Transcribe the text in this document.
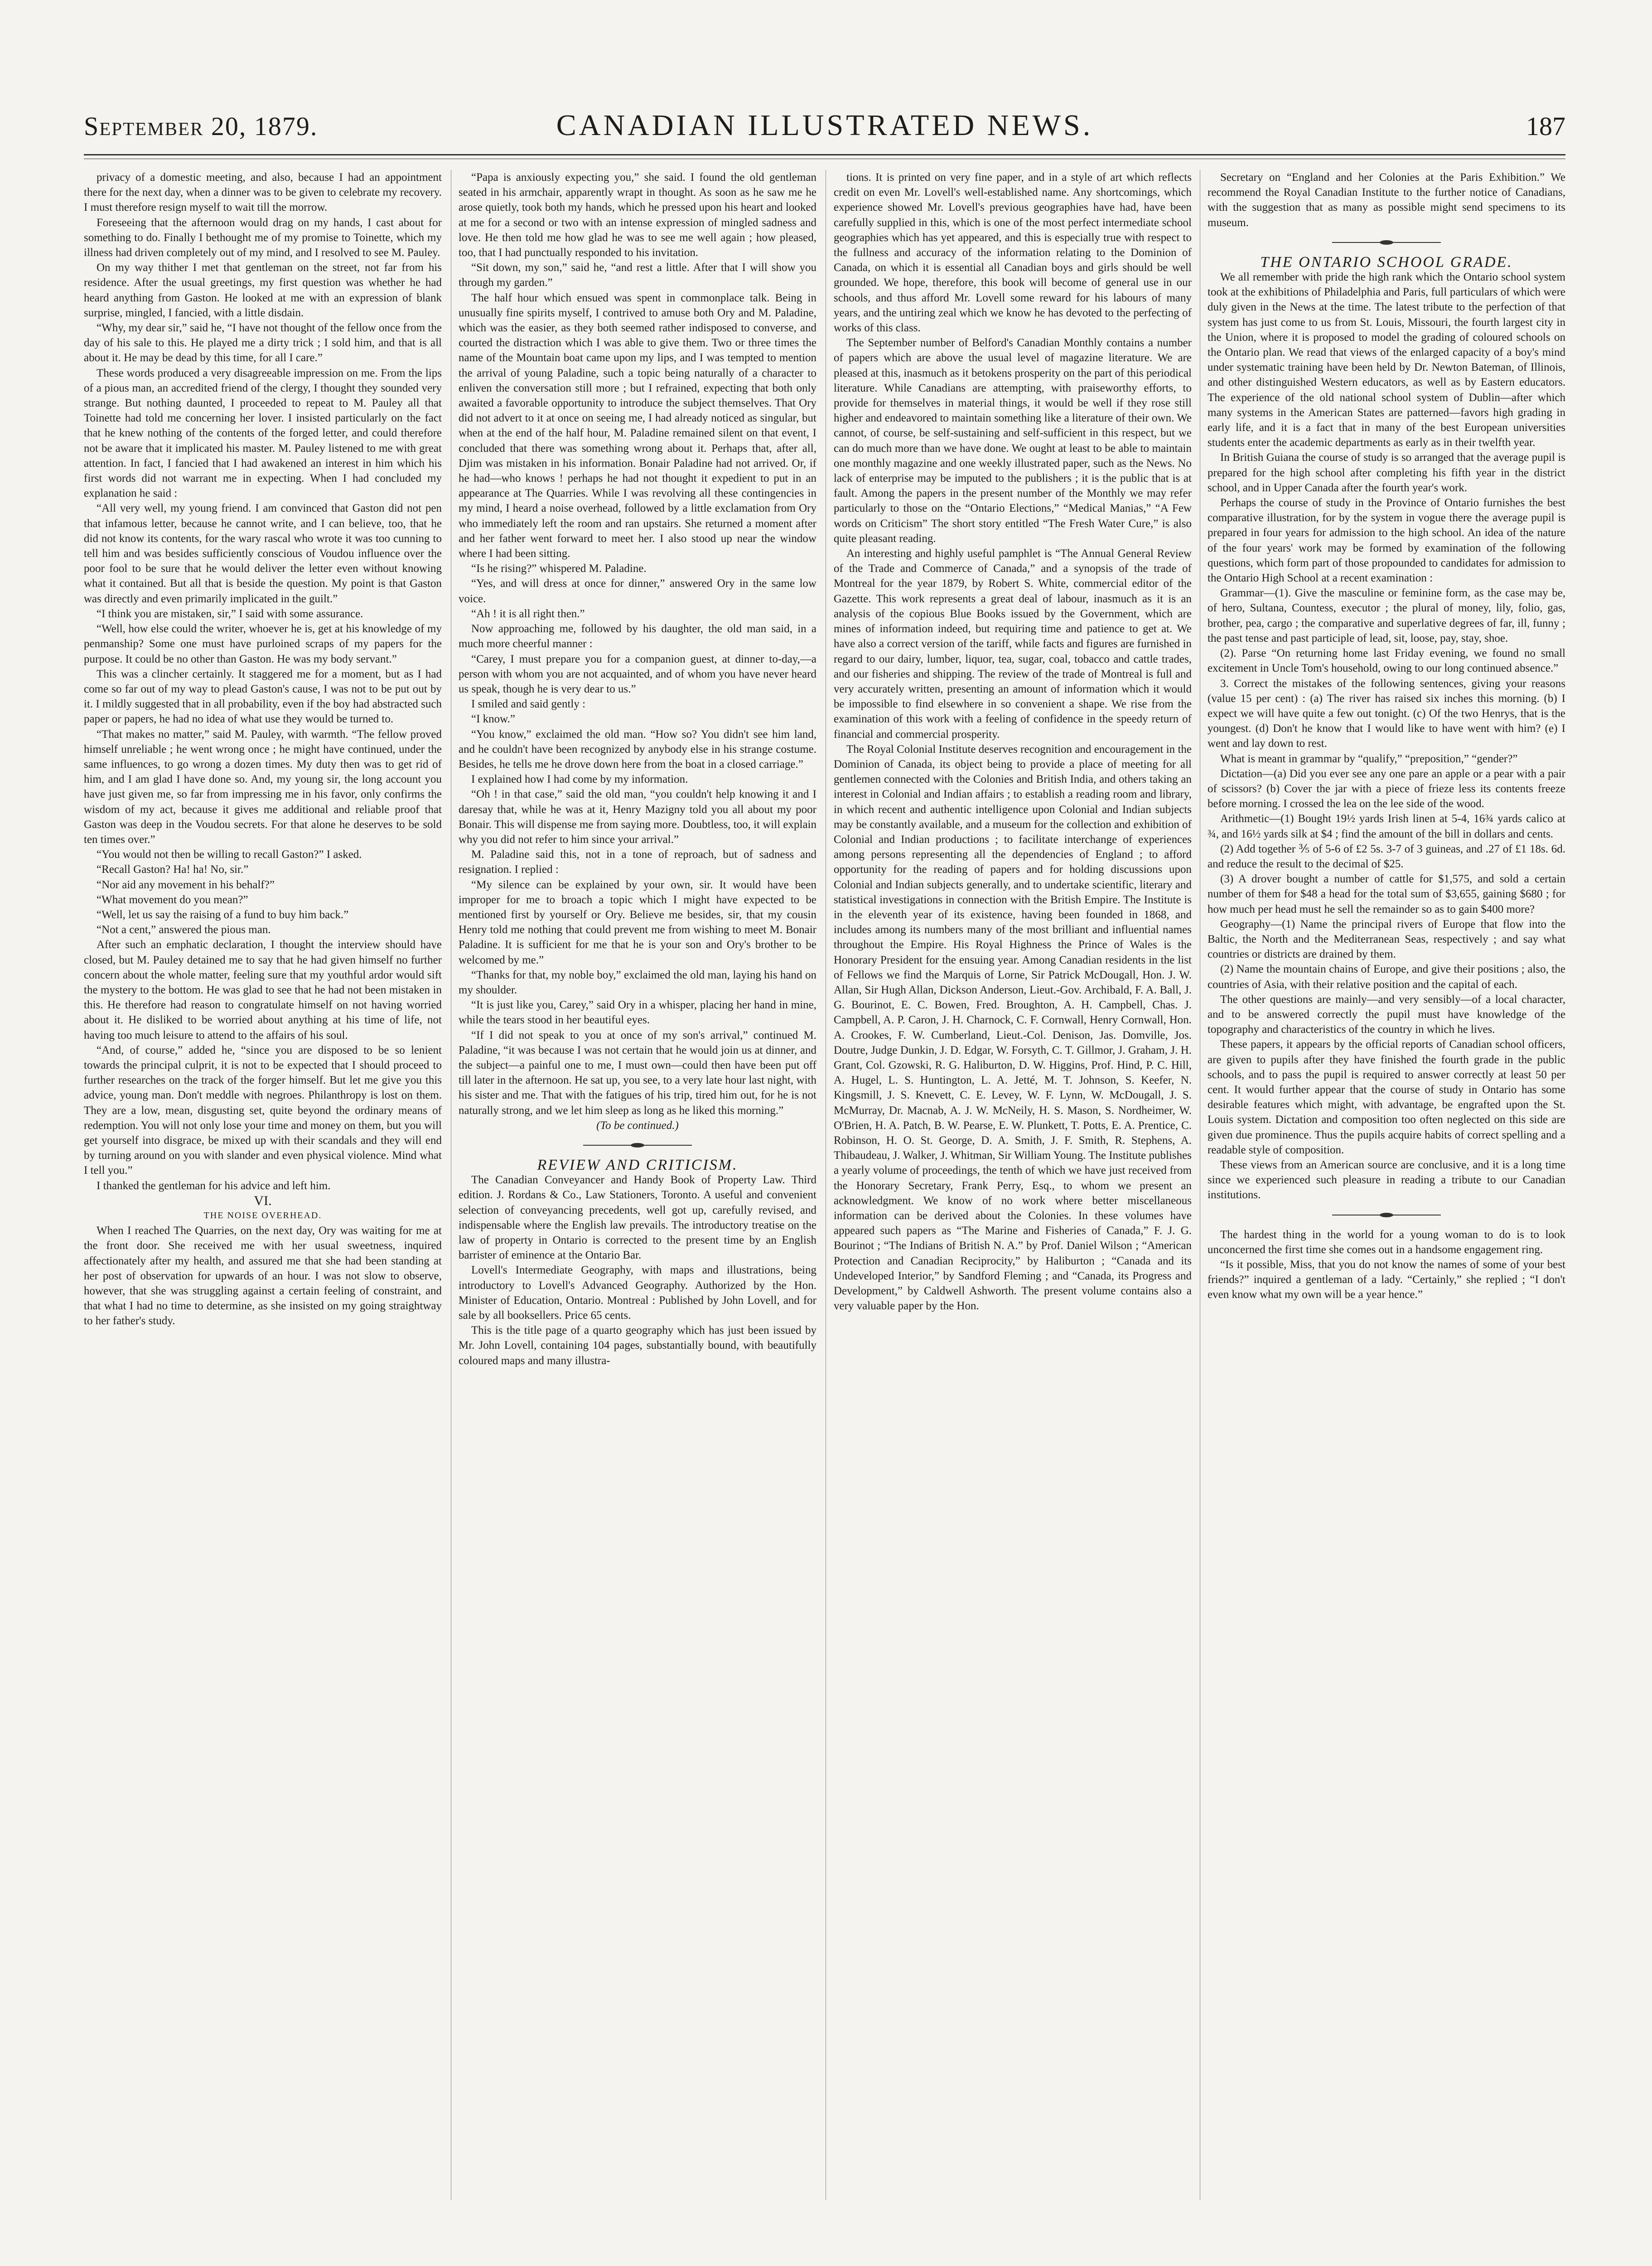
September 20, 1879.	CANADIAN ILLUSTRATED NEWS.	187

privacy of a domestic meeting, and also, because I had an appointment there for the next day, when a dinner was to be given to celebrate my recovery. I must therefore resign myself to wait till the morrow.

Foreseeing that the afternoon would drag on my hands, I cast about for something to do. Finally I bethought me of my promise to Toinette, which my illness had driven completely out of my mind, and I resolved to see M. Pauley.

On my way thither I met that gentleman on the street, not far from his residence. After the usual greetings, my first question was whether he had heard anything from Gaston. He looked at me with an expression of blank surprise, mingled, I fancied, with a little disdain.

“Why, my dear sir,” said he, “I have not thought of the fellow once from the day of his sale to this. He played me a dirty trick ; I sold him, and that is all about it. He may be dead by this time, for all I care.”

These words produced a very disagreeable impression on me. From the lips of a pious man, an accredited friend of the clergy, I thought they sounded very strange. But nothing daunted, I proceeded to repeat to M. Pauley all that Toinette had told me concerning her lover. I insisted particularly on the fact that he knew nothing of the contents of the forged letter, and could therefore not be aware that it implicated his master. M. Pauley listened to me with great attention. In fact, I fancied that I had awakened an interest in him which his first words did not warrant me in expecting. When I had concluded my explanation he said :

“All very well, my young friend. I am convinced that Gaston did not pen that infamous letter, because he cannot write, and I can believe, too, that he did not know its contents, for the wary rascal who wrote it was too cunning to tell him and was besides sufficiently conscious of Voudou influence over the poor fool to be sure that he would deliver the letter even without knowing what it contained. But all that is beside the question. My point is that Gaston was directly and even primarily implicated in the guilt.”

“I think you are mistaken, sir,” I said with some assurance.

“Well, how else could the writer, whoever he is, get at his knowledge of my penmanship? Some one must have purloined scraps of my papers for the purpose. It could be no other than Gaston. He was my body servant.”

This was a clincher certainly. It staggered me for a moment, but as I had come so far out of my way to plead Gaston's cause, I was not to be put out by it. I mildly suggested that in all probability, even if the boy had abstracted such paper or papers, he had no idea of what use they would be turned to.

“That makes no matter,” said M. Pauley, with warmth. “The fellow proved himself unreliable ; he went wrong once ; he might have continued, under the same influences, to go wrong a dozen times. My duty then was to get rid of him, and I am glad I have done so. And, my young sir, the long account you have just given me, so far from impressing me in his favor, only confirms the wisdom of my act, because it gives me additional and reliable proof that Gaston was deep in the Voudou secrets. For that alone he deserves to be sold ten times over.”

“You would not then be willing to recall Gaston?” I asked.

“Recall Gaston? Ha! ha! No, sir.”

“Nor aid any movement in his behalf?”

“What movement do you mean?”

“Well, let us say the raising of a fund to buy him back.”

“Not a cent,” answered the pious man.

After such an emphatic declaration, I thought the interview should have closed, but M. Pauley detained me to say that he had given himself no further concern about the whole matter, feeling sure that my youthful ardor would sift the mystery to the bottom. He was glad to see that he had not been mistaken in this. He therefore had reason to congratulate himself on not having worried about it. He disliked to be worried about anything at his time of life, not having too much leisure to attend to the affairs of his soul.

“And, of course,” added he, “since you are disposed to be so lenient towards the principal culprit, it is not to be expected that I should proceed to further researches on the track of the forger himself. But let me give you this advice, young man. Don't meddle with negroes. Philanthropy is lost on them. They are a low, mean, disgusting set, quite beyond the ordinary means of redemption. You will not only lose your time and money on them, but you will get yourself into disgrace, be mixed up with their scandals and they will end by turning around on you with slander and even physical violence. Mind what I tell you.”

I thanked the gentleman for his advice and left him.

VI.

THE NOISE OVERHEAD.

When I reached The Quarries, on the next day, Ory was waiting for me at the front door. She received me with her usual sweetness, inquired affectionately after my health, and assured me that she had been standing at her post of observation for upwards of an hour. I was not slow to observe, however, that she was struggling against a certain feeling of constraint, and that what I had no time to determine, as she insisted on my going straightway to her father's study.

“Papa is anxiously expecting you,” she said. I found the old gentleman seated in his armchair, apparently wrapt in thought. As soon as he saw me he arose quietly, took both my hands, which he pressed upon his heart and looked at me for a second or two with an intense expression of mingled sadness and love. He then told me how glad he was to see me well again ; how pleased, too, that I had punctually responded to his invitation.

“Sit down, my son,” said he, “and rest a little. After that I will show you through my garden.”

The half hour which ensued was spent in commonplace talk. Being in unusually fine spirits myself, I contrived to amuse both Ory and M. Paladine, which was the easier, as they both seemed rather indisposed to converse, and courted the distraction which I was able to give them. Two or three times the name of the Mountain boat came upon my lips, and I was tempted to mention the arrival of young Paladine, such a topic being naturally of a character to enliven the conversation still more ; but I refrained, expecting that both only awaited a favorable opportunity to introduce the subject themselves. That Ory did not advert to it at once on seeing me, I had already noticed as singular, but when at the end of the half hour, M. Paladine remained silent on that event, I concluded that there was something wrong about it. Perhaps that, after all, Djim was mistaken in his information. Bonair Paladine had not arrived. Or, if he had—who knows ! perhaps he had not thought it expedient to put in an appearance at The Quarries. While I was revolving all these contingencies in my mind, I heard a noise overhead, followed by a little exclamation from Ory who immediately left the room and ran upstairs. She returned a moment after and her father went forward to meet her. I also stood up near the window where I had been sitting.

“Is he rising?” whispered M. Paladine.

“Yes, and will dress at once for dinner,” answered Ory in the same low voice.

“Ah ! it is all right then.”

Now approaching me, followed by his daughter, the old man said, in a much more cheerful manner :

“Carey, I must prepare you for a companion guest, at dinner to-day,—a person with whom you are not acquainted, and of whom you have never heard us speak, though he is very dear to us.”

I smiled and said gently :

“I know.”

“You know,” exclaimed the old man. “How so? You didn't see him land, and he couldn't have been recognized by anybody else in his strange costume. Besides, he tells me he drove down here from the boat in a closed carriage.”

I explained how I had come by my information.

“Oh ! in that case,” said the old man, “you couldn't help knowing it and I daresay that, while he was at it, Henry Mazigny told you all about my poor Bonair. This will dispense me from saying more. Doubtless, too, it will explain why you did not refer to him since your arrival.”

M. Paladine said this, not in a tone of reproach, but of sadness and resignation. I replied :

“My silence can be explained by your own, sir. It would have been improper for me to broach a topic which I might have expected to be mentioned first by yourself or Ory. Believe me besides, sir, that my cousin Henry told me nothing that could prevent me from wishing to meet M. Bonair Paladine. It is sufficient for me that he is your son and Ory's brother to be welcomed by me.”

“Thanks for that, my noble boy,” exclaimed the old man, laying his hand on my shoulder.

“It is just like you, Carey,” said Ory in a whisper, placing her hand in mine, while the tears stood in her beautiful eyes.

“If I did not speak to you at once of my son's arrival,” continued M. Paladine, “it was because I was not certain that he would join us at dinner, and the subject—a painful one to me, I must own—could then have been put off till later in the afternoon. He sat up, you see, to a very late hour last night, with his sister and me. That with the fatigues of his trip, tired him out, for he is not naturally strong, and we let him sleep as long as he liked this morning.”

(To be continued.)

REVIEW AND CRITICISM.

The Canadian Conveyancer and Handy Book of Property Law. Third edition. J. Rordans & Co., Law Stationers, Toronto. A useful and convenient selection of conveyancing precedents, well got up, carefully revised, and indispensable where the English law prevails. The introductory treatise on the law of property in Ontario is corrected to the present time by an English barrister of eminence at the Ontario Bar.

Lovell's Intermediate Geography, with maps and illustrations, being introductory to Lovell's Advanced Geography. Authorized by the Hon. Minister of Education, Ontario. Montreal : Published by John Lovell, and for sale by all booksellers. Price 65 cents.

This is the title page of a quarto geography which has just been issued by Mr. John Lovell, containing 104 pages, substantially bound, with beautifully coloured maps and many illustra-

tions. It is printed on very fine paper, and in a style of art which reflects credit on even Mr. Lovell's well-established name. Any shortcomings, which experience showed Mr. Lovell's previous geographies have had, have been carefully supplied in this, which is one of the most perfect intermediate school geographies which has yet appeared, and this is especially true with respect to the fullness and accuracy of the information relating to the Dominion of Canada, on which it is essential all Canadian boys and girls should be well grounded. We hope, therefore, this book will become of general use in our schools, and thus afford Mr. Lovell some reward for his labours of many years, and the untiring zeal which we know he has devoted to the perfecting of works of this class.

The September number of Belford's Canadian Monthly contains a number of papers which are above the usual level of magazine literature. We are pleased at this, inasmuch as it betokens prosperity on the part of this periodical literature. While Canadians are attempting, with praiseworthy efforts, to provide for themselves in material things, it would be well if they rose still higher and endeavored to maintain something like a literature of their own. We cannot, of course, be self-sustaining and self-sufficient in this respect, but we can do much more than we have done. We ought at least to be able to maintain one monthly magazine and one weekly illustrated paper, such as the News. No lack of enterprise may be imputed to the publishers ; it is the public that is at fault. Among the papers in the present number of the Monthly we may refer particularly to those on the “Ontario Elections,” “Medical Manias,” “A Few words on Criticism” The short story entitled “The Fresh Water Cure,” is also quite pleasant reading.

An interesting and highly useful pamphlet is “The Annual General Review of the Trade and Commerce of Canada,” and a synopsis of the trade of Montreal for the year 1879, by Robert S. White, commercial editor of the Gazette. This work represents a great deal of labour, inasmuch as it is an analysis of the copious Blue Books issued by the Government, which are mines of information indeed, but requiring time and patience to get at. We have also a correct version of the tariff, while facts and figures are furnished in regard to our dairy, lumber, liquor, tea, sugar, coal, tobacco and cattle trades, and our fisheries and shipping. The review of the trade of Montreal is full and very accurately written, presenting an amount of information which it would be impossible to find elsewhere in so convenient a shape. We rise from the examination of this work with a feeling of confidence in the speedy return of financial and commercial prosperity.

The Royal Colonial Institute deserves recognition and encouragement in the Dominion of Canada, its object being to provide a place of meeting for all gentlemen connected with the Colonies and British India, and others taking an interest in Colonial and Indian affairs ; to establish a reading room and library, in which recent and authentic intelligence upon Colonial and Indian subjects may be constantly available, and a museum for the collection and exhibition of Colonial and Indian productions ; to facilitate interchange of experiences among persons representing all the dependencies of England ; to afford opportunity for the reading of papers and for holding discussions upon Colonial and Indian subjects generally, and to undertake scientific, literary and statistical investigations in connection with the British Empire. The Institute is in the eleventh year of its existence, having been founded in 1868, and includes among its numbers many of the most brilliant and influential names throughout the Empire. His Royal Highness the Prince of Wales is the Honorary President for the ensuing year. Among Canadian residents in the list of Fellows we find the Marquis of Lorne, Sir Patrick McDougall, Hon. J. W. Allan, Sir Hugh Allan, Dickson Anderson, Lieut.-Gov. Archibald, F. A. Ball, J. G. Bourinot, E. C. Bowen, Fred. Broughton, A. H. Campbell, Chas. J. Campbell, A. P. Caron, J. H. Charnock, C. F. Cornwall, Henry Cornwall, Hon. A. Crookes, F. W. Cumberland, Lieut.-Col. Denison, Jas. Domville, Jos. Doutre, Judge Dunkin, J. D. Edgar, W. Forsyth, C. T. Gillmor, J. Graham, J. H. Grant, Col. Gzowski, R. G. Haliburton, D. W. Higgins, Prof. Hind, P. C. Hill, A. Hugel, L. S. Huntington, L. A. Jetté, M. T. Johnson, S. Keefer, N. Kingsmill, J. S. Knevett, C. E. Levey, W. F. Lynn, W. McDougall, J. S. McMurray, Dr. Macnab, A. J. W. McNeily, H. S. Mason, S. Nordheimer, W. O'Brien, H. A. Patch, B. W. Pearse, E. W. Plunkett, T. Potts, E. A. Prentice, C. Robinson, H. O. St. George, D. A. Smith, J. F. Smith, R. Stephens, A. Thibaudeau, J. Walker, J. Whitman, Sir William Young. The Institute publishes a yearly volume of proceedings, the tenth of which we have just received from the Honorary Secretary, Frank Perry, Esq., to whom we present an acknowledgment. We know of no work where better miscellaneous information can be derived about the Colonies. In these volumes have appeared such papers as “The Marine and Fisheries of Canada,” F. J. G. Bourinot ; “The Indians of British N. A.” by Prof. Daniel Wilson ; “American Protection and Canadian Reciprocity,” by Haliburton ; “Canada and its Undeveloped Interior,” by Sandford Fleming ; and “Canada, its Progress and Development,” by Caldwell Ashworth. The present volume contains also a very valuable paper by the Hon.

Secretary on “England and her Colonies at the Paris Exhibition.” We recommend the Royal Canadian Institute to the further notice of Canadians, with the suggestion that as many as possible might send specimens to its museum.

THE ONTARIO SCHOOL GRADE.

We all remember with pride the high rank which the Ontario school system took at the exhibitions of Philadelphia and Paris, full particulars of which were duly given in the News at the time. The latest tribute to the perfection of that system has just come to us from St. Louis, Missouri, the fourth largest city in the Union, where it is proposed to model the grading of coloured schools on the Ontario plan. We read that views of the enlarged capacity of a boy's mind under systematic training have been held by Dr. Newton Bateman, of Illinois, and other distinguished Western educators, as well as by Eastern educators. The experience of the old national school system of Dublin—after which many systems in the American States are patterned—favors high grading in early life, and it is a fact that in many of the best European universities students enter the academic departments as early as in their twelfth year.

In British Guiana the course of study is so arranged that the average pupil is prepared for the high school after completing his fifth year in the district school, and in Upper Canada after the fourth year's work.

Perhaps the course of study in the Province of Ontario furnishes the best comparative illustration, for by the system in vogue there the average pupil is prepared in four years for admission to the high school. An idea of the nature of the four years' work may be formed by examination of the following questions, which form part of those propounded to candidates for admission to the Ontario High School at a recent examination :

Grammar—(1). Give the masculine or feminine form, as the case may be, of hero, Sultana, Countess, executor ; the plural of money, lily, folio, gas, brother, pea, cargo ; the comparative and superlative degrees of far, ill, funny ; the past tense and past participle of lead, sit, loose, pay, stay, shoe.

(2). Parse “On returning home last Friday evening, we found no small excitement in Uncle Tom's household, owing to our long continued absence.”

3. Correct the mistakes of the following sentences, giving your reasons (value 15 per cent) : (a) The river has raised six inches this morning. (b) I expect we will have quite a few out tonight. (c) Of the two Henrys, that is the youngest. (d) Don't he know that I would like to have went with him? (e) I went and lay down to rest.

What is meant in grammar by “qualify,” “preposition,” “gender?”

Dictation—(a) Did you ever see any one pare an apple or a pear with a pair of scissors? (b) Cover the jar with a piece of frieze less its contents freeze before morning. I crossed the lea on the lee side of the wood.

Arithmetic—(1) Bought 19½ yards Irish linen at 5-4, 16¾ yards calico at ¾, and 16½ yards silk at $4 ; find the amount of the bill in dollars and cents.

(2) Add together ⅗ of 5-6 of £2 5s. 3-7 of 3 guineas, and .27 of £1 18s. 6d. and reduce the result to the decimal of $25.

(3) A drover bought a number of cattle for $1,575, and sold a certain number of them for $48 a head for the total sum of $3,655, gaining $680 ; for how much per head must he sell the remainder so as to gain $400 more?

Geography—(1) Name the principal rivers of Europe that flow into the Baltic, the North and the Mediterranean Seas, respectively ; and say what countries or districts are drained by them.

(2) Name the mountain chains of Europe, and give their positions ; also, the countries of Asia, with their relative position and the capital of each.

The other questions are mainly—and very sensibly—of a local character, and to be answered correctly the pupil must have knowledge of the topography and characteristics of the country in which he lives.

These papers, it appears by the official reports of Canadian school officers, are given to pupils after they have finished the fourth grade in the public schools, and to pass the pupil is required to answer correctly at least 50 per cent. It would further appear that the course of study in Ontario has some desirable features which might, with advantage, be engrafted upon the St. Louis system. Dictation and composition too often neglected on this side are given due prominence. Thus the pupils acquire habits of correct spelling and a readable style of composition.

These views from an American source are conclusive, and it is a long time since we experienced such pleasure in reading a tribute to our Canadian institutions.

The hardest thing in the world for a young woman to do is to look unconcerned the first time she comes out in a handsome engagement ring.

“Is it possible, Miss, that you do not know the names of some of your best friends?” inquired a gentleman of a lady. “Certainly,” she replied ; “I don't even know what my own will be a year hence.”
